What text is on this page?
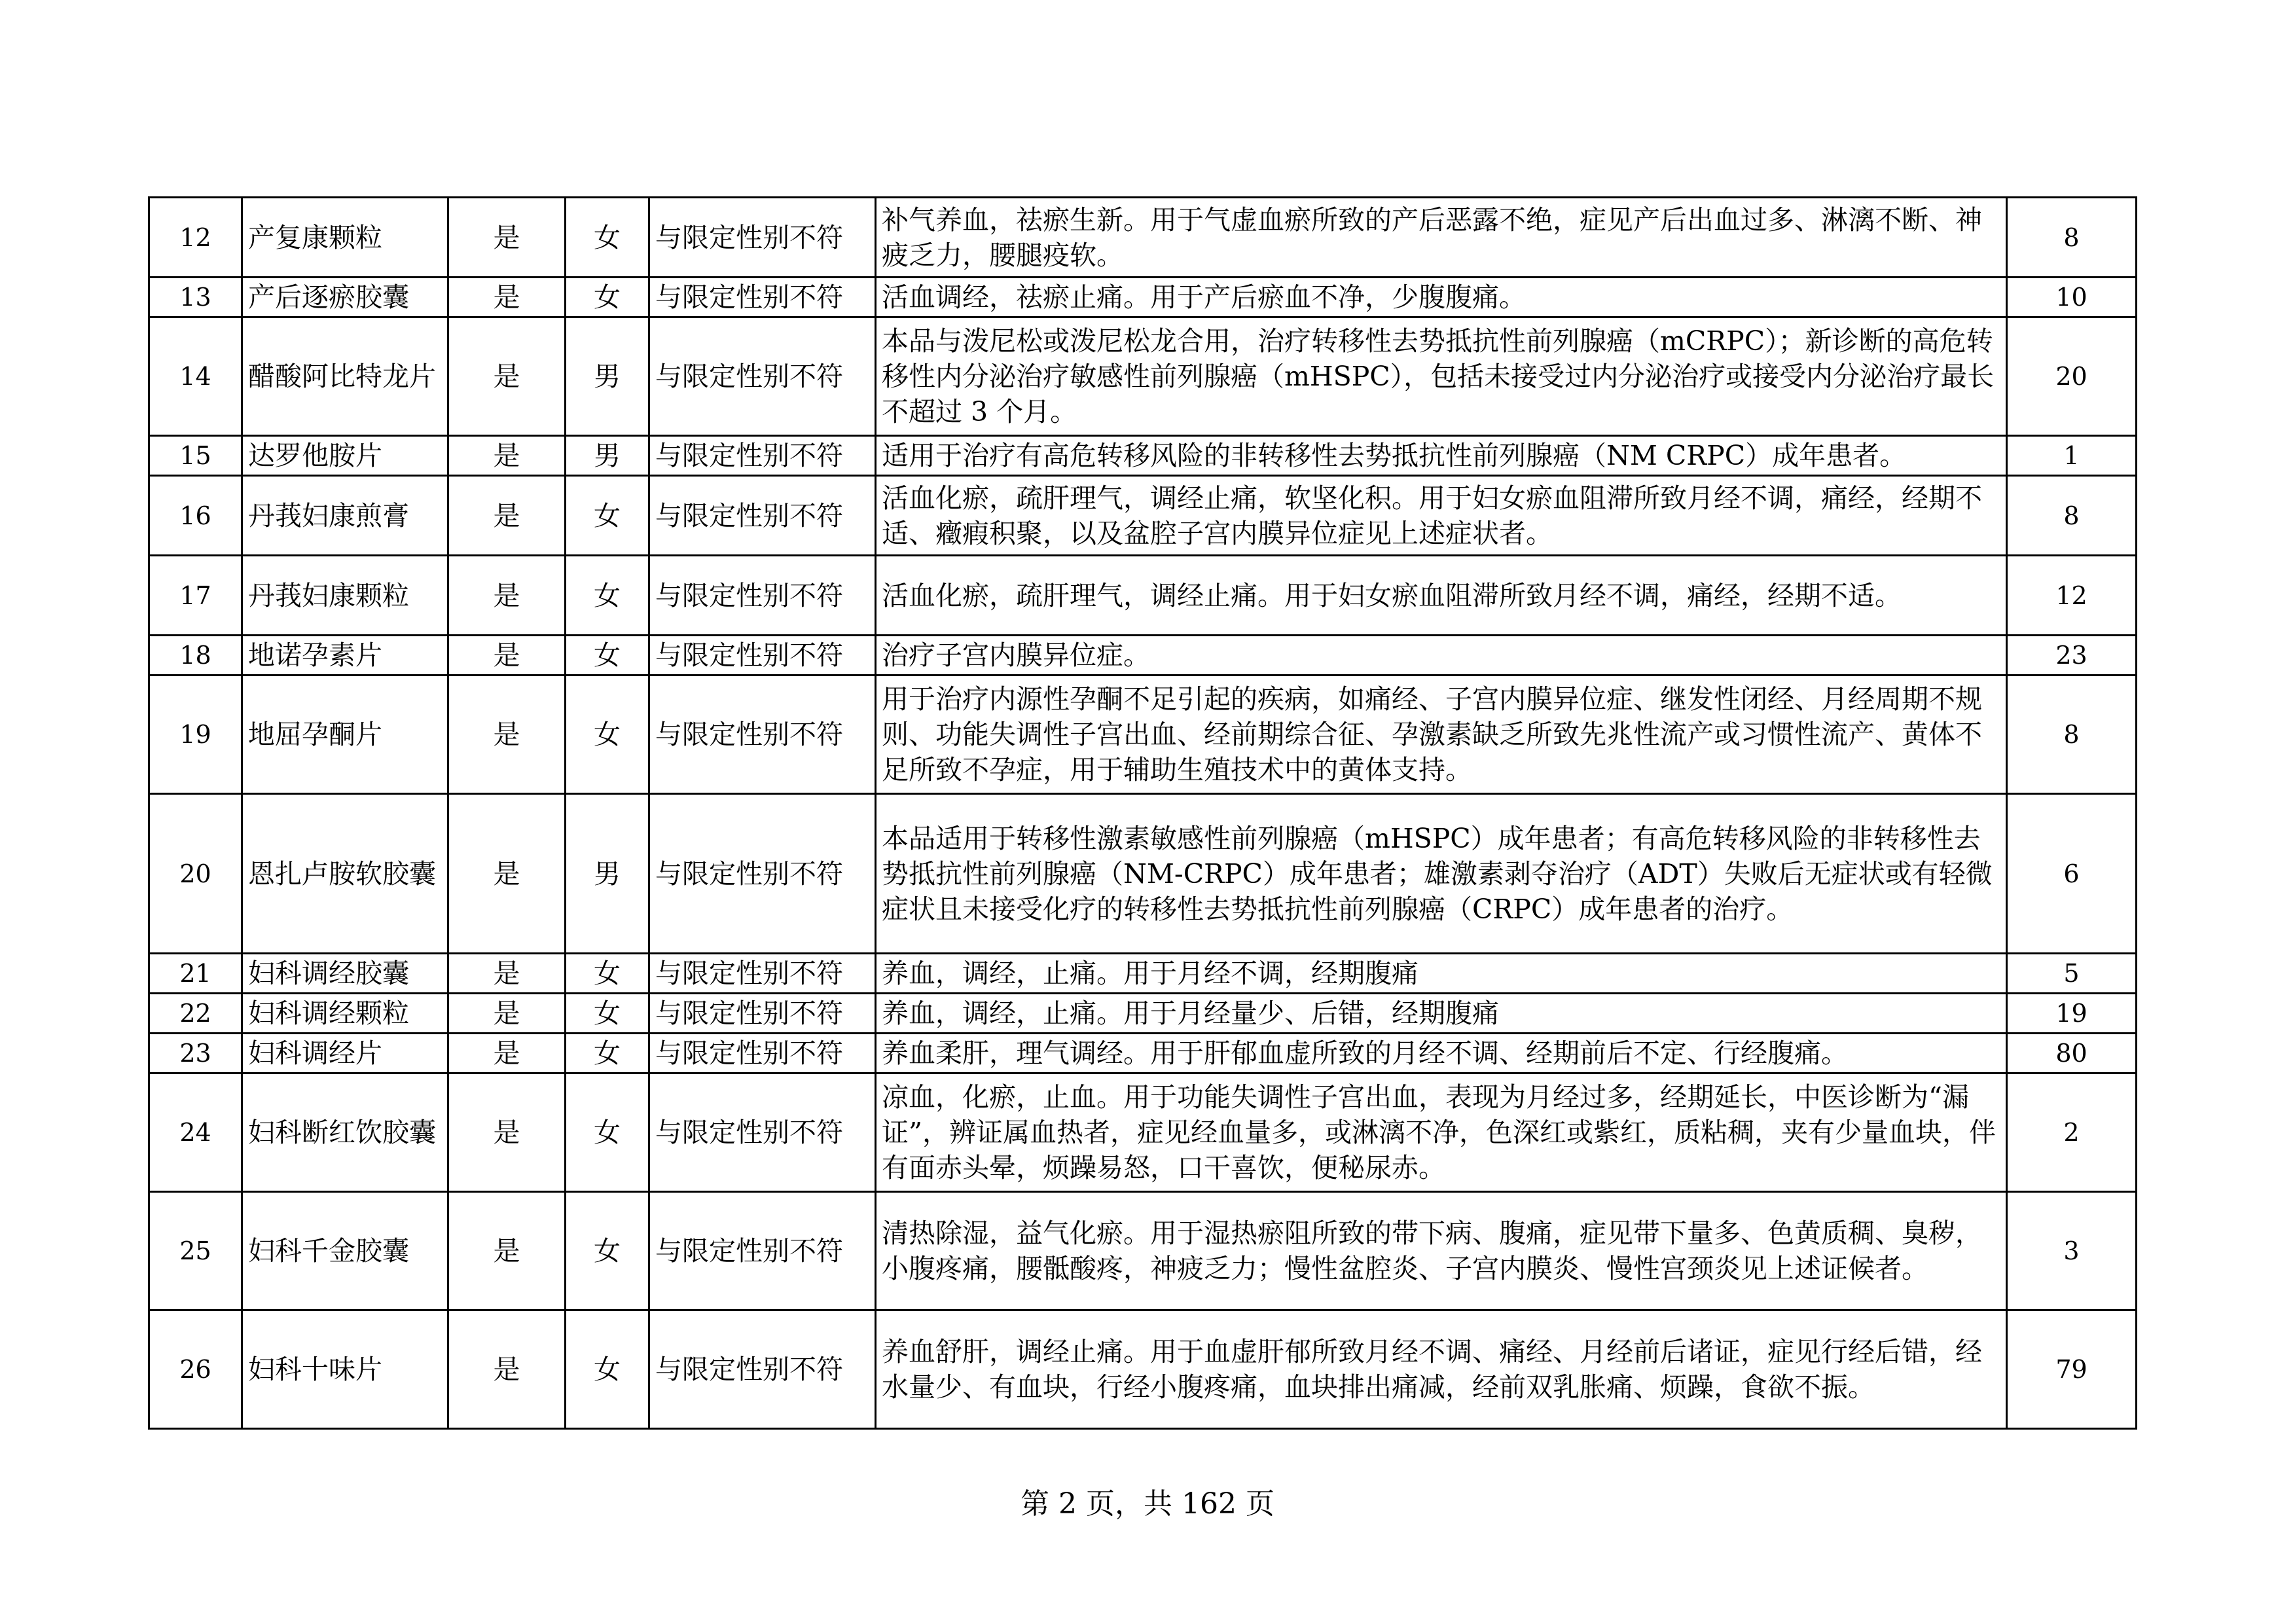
12	产复康颗粒	是	女	与限定性别不符	补气养血，祛瘀生新。用于气虚血瘀所致的产后恶露不绝，症见产后出血过多、淋漓不断、神疲乏力，腰腿疫软。	8
13	产后逐瘀胶囊	是	女	与限定性别不符	活血调经，祛瘀止痛。用于产后瘀血不净，少腹腹痛。	10
14	醋酸阿比特龙片	是	男	与限定性别不符	本品与泼尼松或泼尼松龙合用，治疗转移性去势抵抗性前列腺癌（mCRPC）；新诊断的高危转移性内分泌治疗敏感性前列腺癌（mHSPC），包括未接受过内分泌治疗或接受内分泌治疗最长不超过 3 个月。	20
15	达罗他胺片	是	男	与限定性别不符	适用于治疗有高危转移风险的非转移性去势抵抗性前列腺癌（NM CRPC）成年患者。	1
16	丹莪妇康煎膏	是	女	与限定性别不符	活血化瘀，疏肝理气，调经止痛，软坚化积。用于妇女瘀血阻滞所致月经不调，痛经，经期不适、癥瘕积聚，以及盆腔子宫内膜异位症见上述症状者。	8
17	丹莪妇康颗粒	是	女	与限定性别不符	活血化瘀，疏肝理气，调经止痛。用于妇女瘀血阻滞所致月经不调，痛经，经期不适。	12
18	地诺孕素片	是	女	与限定性别不符	治疗子宫内膜异位症。	23
19	地屈孕酮片	是	女	与限定性别不符	用于治疗内源性孕酮不足引起的疾病，如痛经、子宫内膜异位症、继发性闭经、月经周期不规则、功能失调性子宫出血、经前期综合征、孕激素缺乏所致先兆性流产或习惯性流产、黄体不足所致不孕症，用于辅助生殖技术中的黄体支持。	8
20	恩扎卢胺软胶囊	是	男	与限定性别不符	本品适用于转移性激素敏感性前列腺癌（mHSPC）成年患者；有高危转移风险的非转移性去势抵抗性前列腺癌（NM-CRPC）成年患者；雄激素剥夺治疗（ADT）失败后无症状或有轻微症状且未接受化疗的转移性去势抵抗性前列腺癌（CRPC）成年患者的治疗。	6
21	妇科调经胶囊	是	女	与限定性别不符	养血，调经，止痛。用于月经不调，经期腹痛	5
22	妇科调经颗粒	是	女	与限定性别不符	养血，调经，止痛。用于月经量少、后错，经期腹痛	19
23	妇科调经片	是	女	与限定性别不符	养血柔肝，理气调经。用于肝郁血虚所致的月经不调、经期前后不定、行经腹痛。	80
24	妇科断红饮胶囊	是	女	与限定性别不符	凉血，化瘀，止血。用于功能失调性子宫出血，表现为月经过多，经期延长，中医诊断为“漏证”，辨证属血热者，症见经血量多，或淋漓不净，色深红或紫红，质粘稠，夹有少量血块，伴有面赤头晕，烦躁易怒，口干喜饮，便秘尿赤。	2
25	妇科千金胶囊	是	女	与限定性别不符	清热除湿，益气化瘀。用于湿热瘀阻所致的带下病、腹痛，症见带下量多、色黄质稠、臭秽，小腹疼痛，腰骶酸疼，神疲乏力；慢性盆腔炎、子宫内膜炎、慢性宫颈炎见上述证候者。	3
26	妇科十味片	是	女	与限定性别不符	养血舒肝，调经止痛。用于血虚肝郁所致月经不调、痛经、月经前后诸证，症见行经后错，经水量少、有血块，行经小腹疼痛，血块排出痛减，经前双乳胀痛、烦躁，食欲不振。	79
第 2 页，共 162 页
